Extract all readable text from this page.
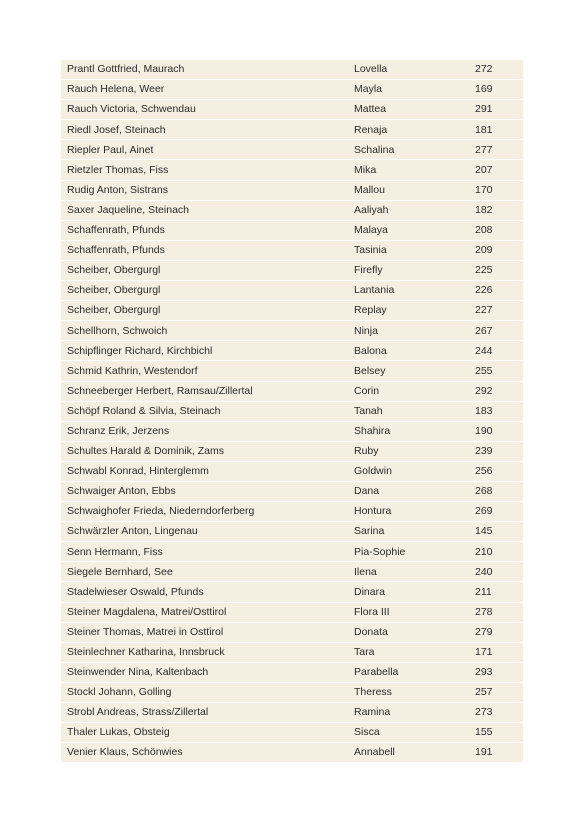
Prantl Gottfried, Maurach	Lovella	272
Rauch Helena, Weer	Mayla	169
Rauch Victoria, Schwendau	Mattea	291
Riedl Josef, Steinach	Renaja	181
Riepler Paul, Ainet	Schalina	277
Rietzler Thomas, Fiss	Mika	207
Rudig Anton, Sistrans	Mallou	170
Saxer Jaqueline, Steinach	Aaliyah	182
Schaffenrath, Pfunds	Malaya	208
Schaffenrath, Pfunds	Tasinia	209
Scheiber, Obergurgl	Firefly	225
Scheiber, Obergurgl	Lantania	226
Scheiber, Obergurgl	Replay	227
Schellhorn, Schwoich	Ninja	267
Schipflinger Richard, Kirchbichl	Balona	244
Schmid Kathrin, Westendorf	Belsey	255
Schneeberger Herbert, Ramsau/Zillertal	Corin	292
Schöpf Roland & Silvia, Steinach	Tanah	183
Schranz Erik, Jerzens	Shahira	190
Schultes Harald & Dominik, Zams	Ruby	239
Schwabl Konrad, Hinterglemm	Goldwin	256
Schwaiger Anton, Ebbs	Dana	268
Schwaighofer Frieda, Niederndorferberg	Hontura	269
Schwärzler Anton, Lingenau	Sarina	145
Senn Hermann, Fiss	Pia-Sophie	210
Siegele Bernhard, See	Ilena	240
Stadelwieser Oswald, Pfunds	Dinara	211
Steiner Magdalena, Matrei/Osttirol	Flora III	278
Steiner Thomas, Matrei in Osttirol	Donata	279
Steinlechner Katharina, Innsbruck	Tara	171
Steinwender Nina, Kaltenbach	Parabella	293
Stockl Johann, Golling	Theress	257
Strobl Andreas, Strass/Zillertal	Ramina	273
Thaler Lukas, Obsteig	Sisca	155
Venier Klaus, Schönwies	Annabell	191
